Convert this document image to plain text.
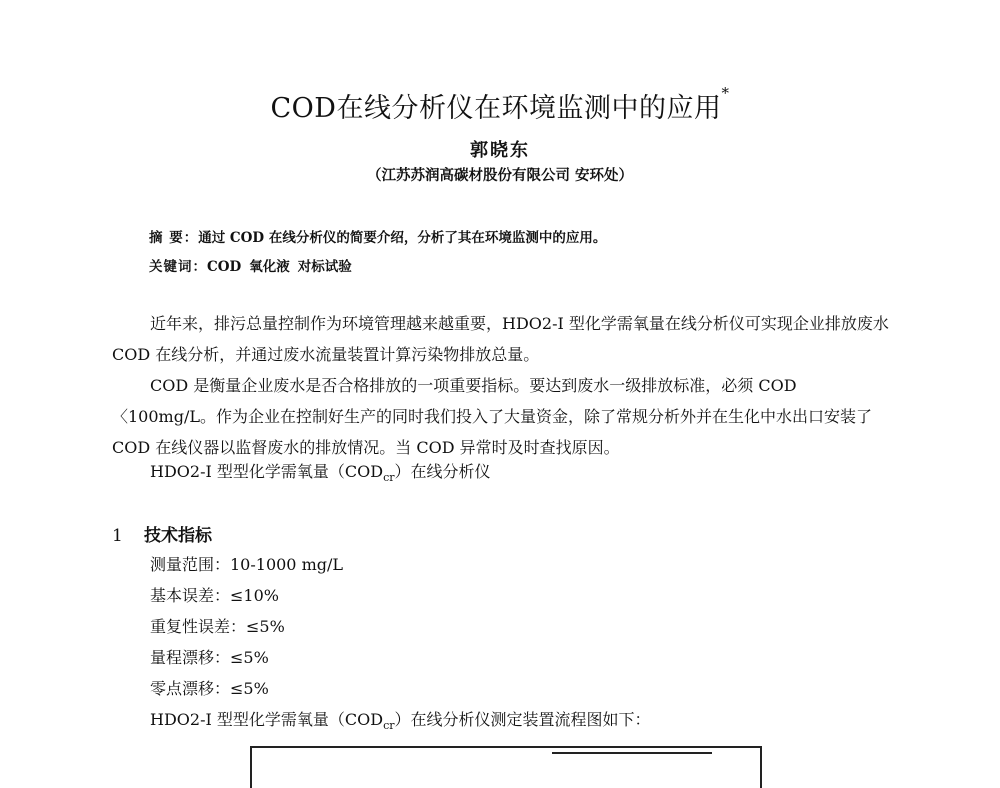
COD在线分析仪在环境监测中的应用*
郭晓东
（江苏苏润高碳材股份有限公司 安环处）
摘 要：通过 COD 在线分析仪的简要介绍，分析了其在环境监测中的应用。
关键词：COD 氧化液 对标试验
近年来，排污总量控制作为环境管理越来越重要，HDO2-I 型化学需氧量在线分析仪可实现企业排放废水 COD 在线分析，并通过废水流量装置计算污染物排放总量。
COD 是衡量企业废水是否合格排放的一项重要指标。要达到废水一级排放标准，必须 COD〈100mg/L。作为企业在控制好生产的同时我们投入了大量资金，除了常规分析外并在生化中水出口安装了 COD 在线仪器以监督废水的排放情况。当 COD 异常时及时查找原因。
HDO2-I 型型化学需氧量$(COD_{cr})$在线分析仪
1 技术指标
测量范围：10-1000 mg/L
基本误差：≤10%
重复性误差：≤5%
量程漂移：≤5%
零点漂移：≤5%
HDO2-I 型型化学需氧量$(COD_{cr})$在线分析仪测定装置流程图如下：
